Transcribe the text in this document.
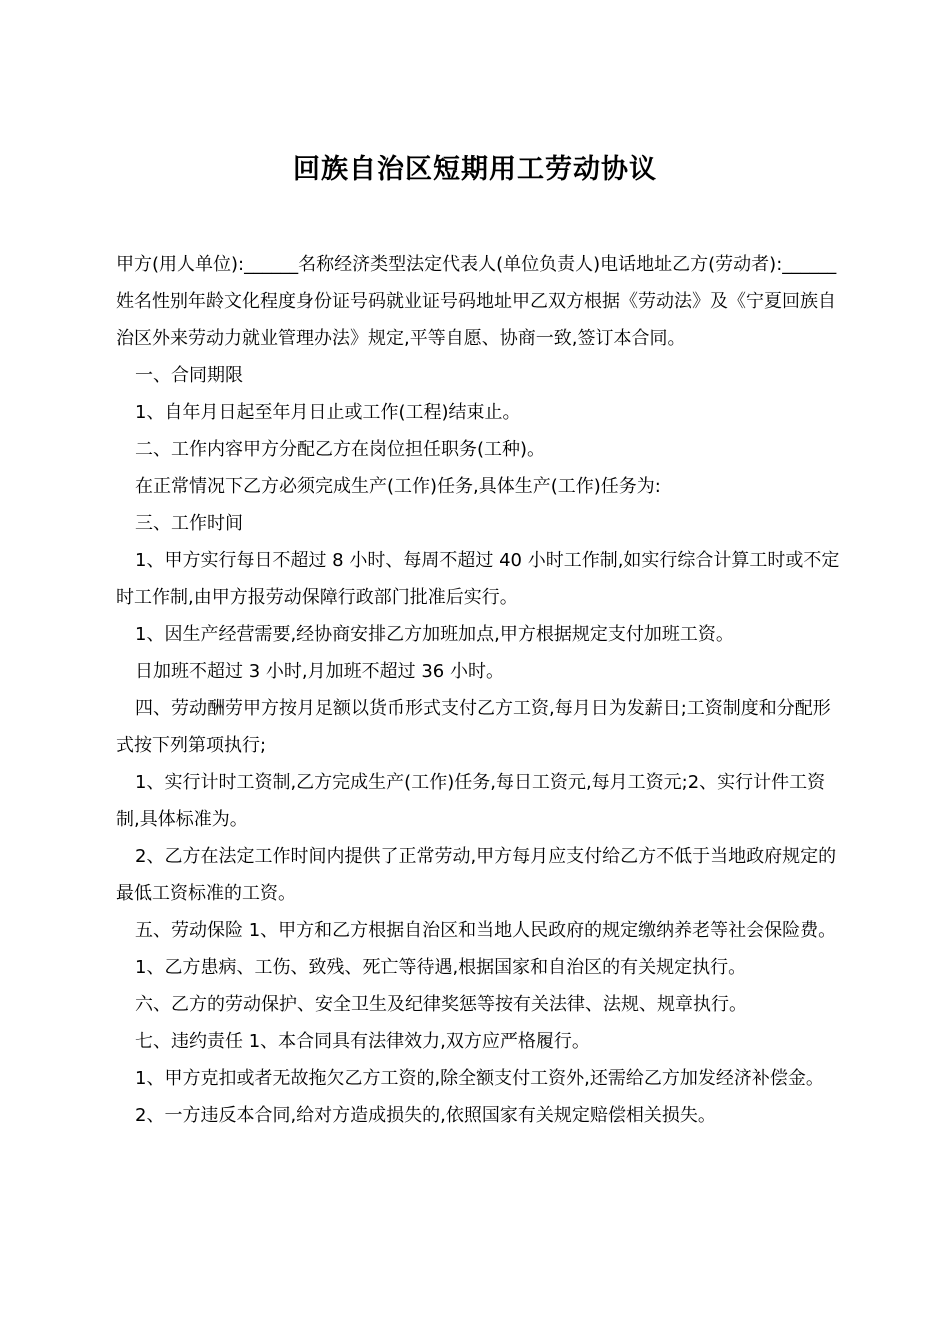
回族自治区短期用工劳动协议

甲方(用人单位):______名称经济类型法定代表人(单位负责人)电话地址乙方(劳动者):______姓名性别年龄文化程度身份证号码就业证号码地址甲乙双方根据《劳动法》及《宁夏回族自治区外来劳动力就业管理办法》规定,平等自愿、协商一致,签订本合同。

一、合同期限

1、自年月日起至年月日止或工作(工程)结束止。

二、工作内容甲方分配乙方在岗位担任职务(工种)。

在正常情况下乙方必须完成生产(工作)任务,具体生产(工作)任务为:

三、工作时间

1、甲方实行每日不超过 8 小时、每周不超过 40 小时工作制,如实行综合计算工时或不定时工作制,由甲方报劳动保障行政部门批准后实行。

1、因生产经营需要,经协商安排乙方加班加点,甲方根据规定支付加班工资。

日加班不超过 3 小时,月加班不超过 36 小时。

四、劳动酬劳甲方按月足额以货币形式支付乙方工资,每月日为发薪日;工资制度和分配形式按下列第项执行;

1、实行计时工资制,乙方完成生产(工作)任务,每日工资元,每月工资元;2、实行计件工资制,具体标准为。

2、乙方在法定工作时间内提供了正常劳动,甲方每月应支付给乙方不低于当地政府规定的最低工资标准的工资。

五、劳动保险 1、甲方和乙方根据自治区和当地人民政府的规定缴纳养老等社会保险费。

1、乙方患病、工伤、致残、死亡等待遇,根据国家和自治区的有关规定执行。

六、乙方的劳动保护、安全卫生及纪律奖惩等按有关法律、法规、规章执行。

七、违约责任 1、本合同具有法律效力,双方应严格履行。

1、甲方克扣或者无故拖欠乙方工资的,除全额支付工资外,还需给乙方加发经济补偿金。

2、一方违反本合同,给对方造成损失的,依照国家有关规定赔偿相关损失。
